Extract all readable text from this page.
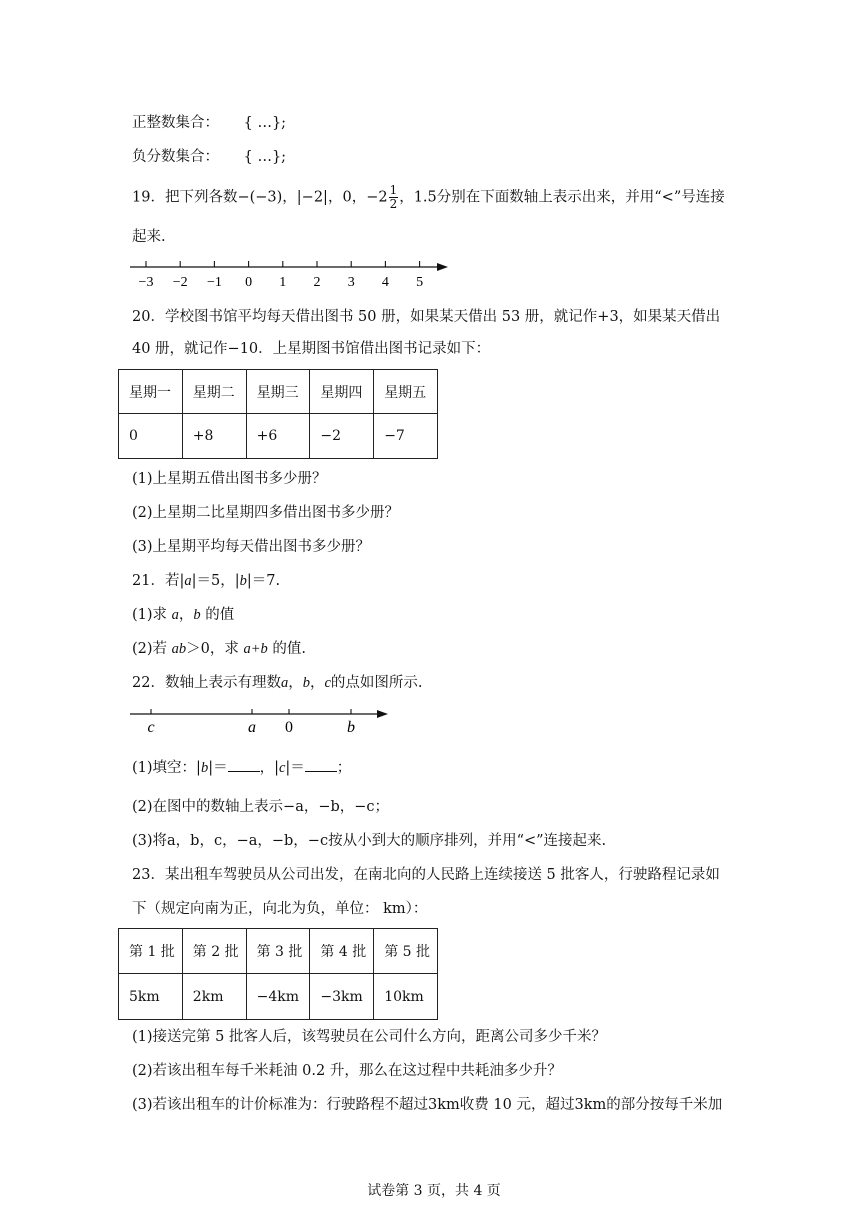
正整数集合： { …};
负分数集合： { …};
19．把下列各数−(−3)，|−2|，0，$-2 \frac{1}{2}$ ，1.5分别在下面数轴上表示出来，并用“<”号连接
起来.
−3 −2 −1 0 1 2 3 4 5
20．学校图书馆平均每天借出图书 50 册，如果某天借出 53 册，就记作+3，如果某天借出
40 册，就记作−10．上星期图书馆借出图书记录如下：
星期一	星期二	星期三	星期四	星期五
0	+8	+6	−2	−7
(1)上星期五借出图书多少册？
(2)上星期二比星期四多借出图书多少册？
(3)上星期平均每天借出图书多少册？
21．若|a|＝5，|b|＝7.
(1)求 a，b 的值
(2)若 ab＞0，求 a+b 的值.
22．数轴上表示有理数a，b，c的点如图所示.
c	a 0	b
(1)填空：|b|＝ ，|c|＝ ；
(2)在图中的数轴上表示−a，−b，−c；
(3)将a，b，c，−a，−b，−c按从小到大的顺序排列，并用“<”连接起来.
23．某出租车驾驶员从公司出发，在南北向的人民路上连续接送 5 批客人，行驶路程记录如
下（规定向南为正，向北为负，单位： km）：
第 1 批	第 2 批	第 3 批	第 4 批	第 5 批
5km	2km	−4km	−3km	10km
(1)接送完第 5 批客人后，该驾驶员在公司什么方向，距离公司多少千米？
(2)若该出租车每千米耗油 0.2 升，那么在这过程中共耗油多少升？
(3)若该出租车的计价标准为：行驶路程不超过3km收费 10 元，超过3km的部分按每千米加
试卷第 3 页，共 4 页
